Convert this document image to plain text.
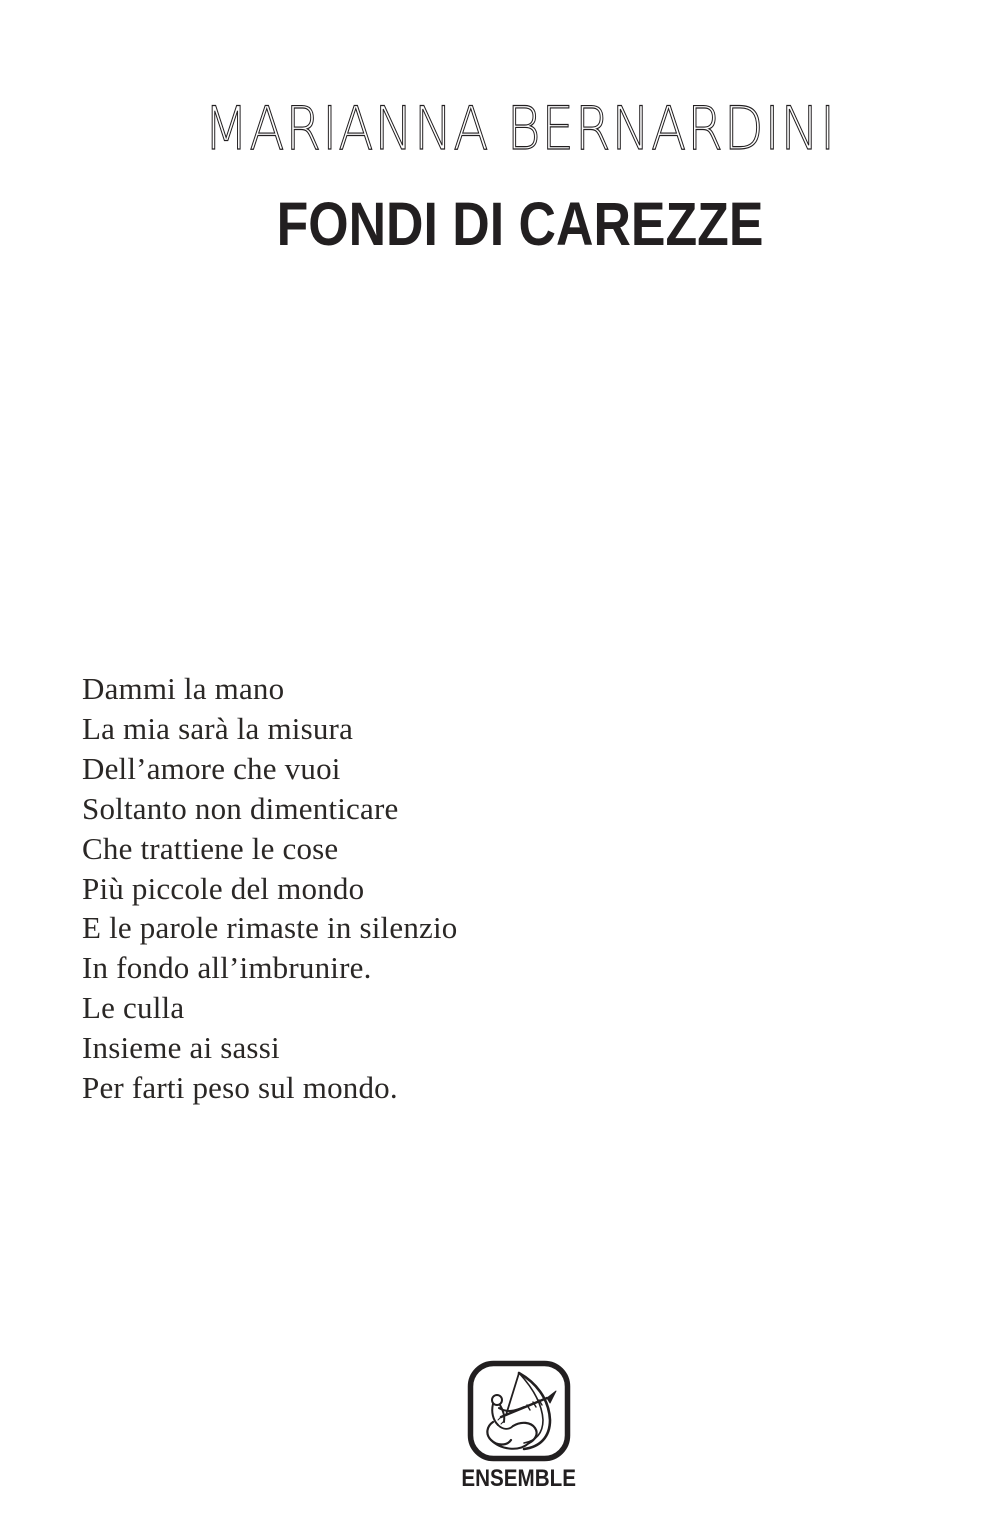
MARIANNA BERNARDINI
FONDI DI CAREZZE
Dammi la mano
La mia sarà la misura
Dell’amore che vuoi
Soltanto non dimenticare
Che trattiene le cose
Più piccole del mondo
E le parole rimaste in silenzio
In fondo all’imbrunire.
Le culla
Insieme ai sassi
Per farti peso sul mondo.
ENSEMBLE
